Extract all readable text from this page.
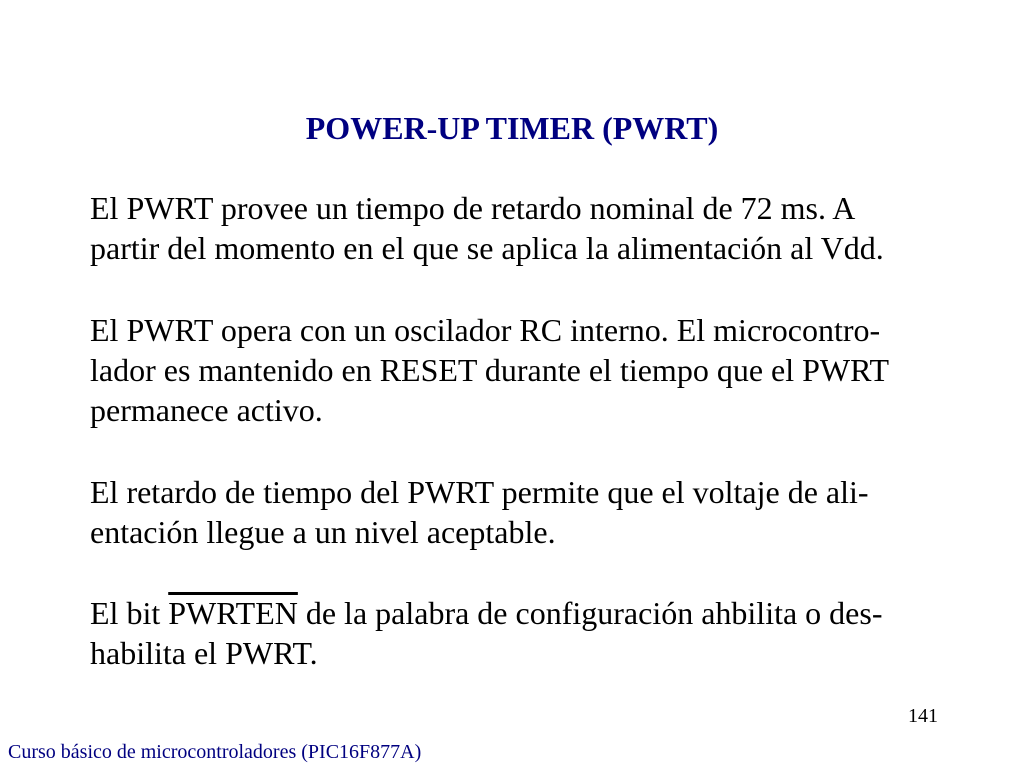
POWER-UP TIMER (PWRT)
El PWRT provee un tiempo de retardo nominal de 72 ms. A
partir del momento en el que se aplica la alimentación al Vdd.
El PWRT opera con un oscilador RC interno. El microcontro-
lador es mantenido en RESET durante el tiempo que el PWRT
permanece activo.
El retardo de tiempo del PWRT permite que el voltaje de ali-
entación llegue a un nivel aceptable.
El bit PWRTEN de la palabra de configuración ahbilita o des-
habilita el PWRT.
141
Curso básico de microcontroladores (PIC16F877A)
